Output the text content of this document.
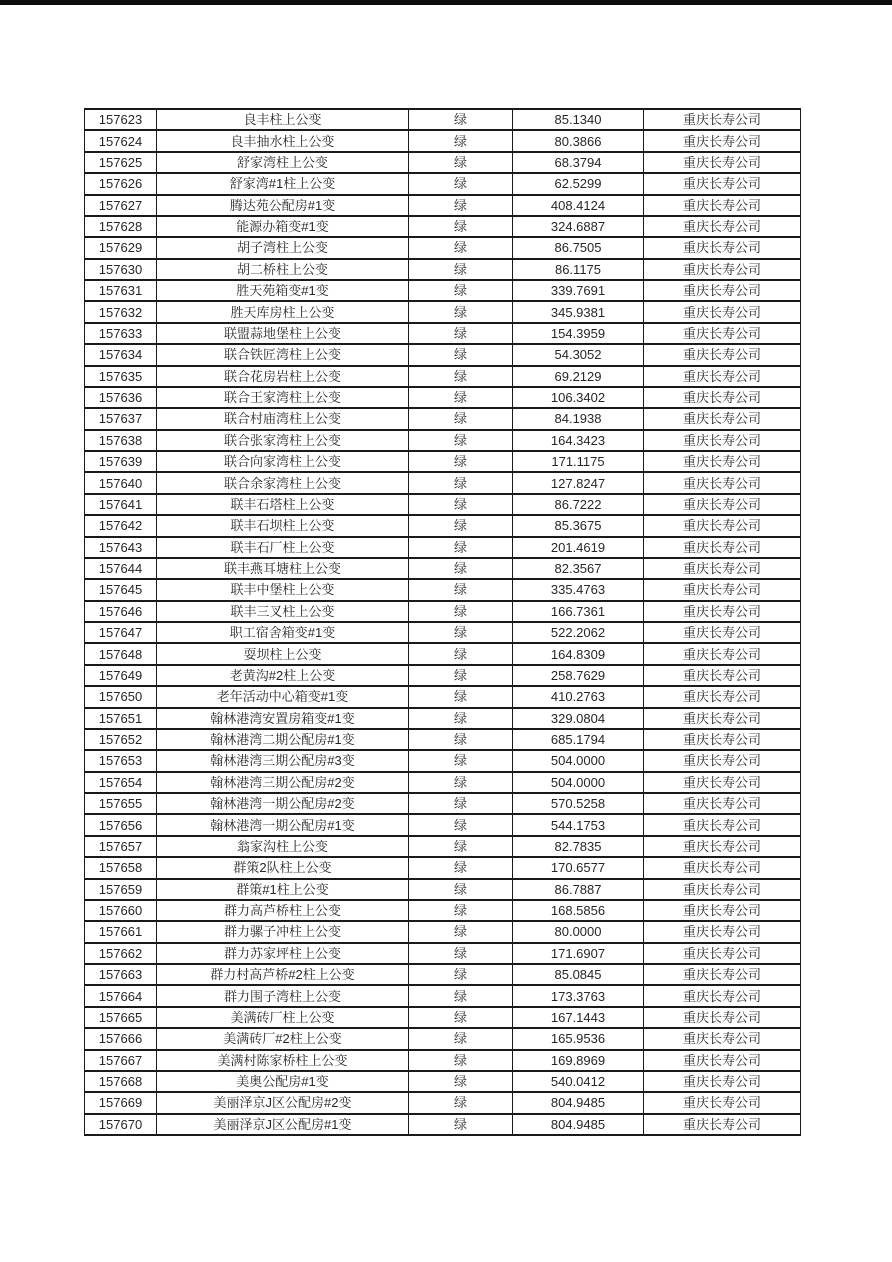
157623	良丰柱上公变	绿	85.1340	重庆长寿公司
157624	良丰抽水柱上公变	绿	80.3866	重庆长寿公司
157625	舒家湾柱上公变	绿	68.3794	重庆长寿公司
157626	舒家湾#1柱上公变	绿	62.5299	重庆长寿公司
157627	腾达苑公配房#1变	绿	408.4124	重庆长寿公司
157628	能源办箱变#1变	绿	324.6887	重庆长寿公司
157629	胡子湾柱上公变	绿	86.7505	重庆长寿公司
157630	胡二桥柱上公变	绿	86.1175	重庆长寿公司
157631	胜天苑箱变#1变	绿	339.7691	重庆长寿公司
157632	胜天库房柱上公变	绿	345.9381	重庆长寿公司
157633	联盟蒜地堡柱上公变	绿	154.3959	重庆长寿公司
157634	联合铁匠湾柱上公变	绿	54.3052	重庆长寿公司
157635	联合花房岩柱上公变	绿	69.2129	重庆长寿公司
157636	联合王家湾柱上公变	绿	106.3402	重庆长寿公司
157637	联合村庙湾柱上公变	绿	84.1938	重庆长寿公司
157638	联合张家湾柱上公变	绿	164.3423	重庆长寿公司
157639	联合向家湾柱上公变	绿	171.1175	重庆长寿公司
157640	联合余家湾柱上公变	绿	127.8247	重庆长寿公司
157641	联丰石塔柱上公变	绿	86.7222	重庆长寿公司
157642	联丰石坝柱上公变	绿	85.3675	重庆长寿公司
157643	联丰石厂柱上公变	绿	201.4619	重庆长寿公司
157644	联丰燕耳塘柱上公变	绿	82.3567	重庆长寿公司
157645	联丰中堡柱上公变	绿	335.4763	重庆长寿公司
157646	联丰三叉柱上公变	绿	166.7361	重庆长寿公司
157647	职工宿舍箱变#1变	绿	522.2062	重庆长寿公司
157648	耍坝柱上公变	绿	164.8309	重庆长寿公司
157649	老黄沟#2柱上公变	绿	258.7629	重庆长寿公司
157650	老年活动中心箱变#1变	绿	410.2763	重庆长寿公司
157651	翰林港湾安置房箱变#1变	绿	329.0804	重庆长寿公司
157652	翰林港湾二期公配房#1变	绿	685.1794	重庆长寿公司
157653	翰林港湾三期公配房#3变	绿	504.0000	重庆长寿公司
157654	翰林港湾三期公配房#2变	绿	504.0000	重庆长寿公司
157655	翰林港湾一期公配房#2变	绿	570.5258	重庆长寿公司
157656	翰林港湾一期公配房#1变	绿	544.1753	重庆长寿公司
157657	翁家沟柱上公变	绿	82.7835	重庆长寿公司
157658	群策2队柱上公变	绿	170.6577	重庆长寿公司
157659	群策#1柱上公变	绿	86.7887	重庆长寿公司
157660	群力高芦桥柱上公变	绿	168.5856	重庆长寿公司
157661	群力骡子冲柱上公变	绿	80.0000	重庆长寿公司
157662	群力苏家坪柱上公变	绿	171.6907	重庆长寿公司
157663	群力村高芦桥#2柱上公变	绿	85.0845	重庆长寿公司
157664	群力围子湾柱上公变	绿	173.3763	重庆长寿公司
157665	美满砖厂柱上公变	绿	167.1443	重庆长寿公司
157666	美满砖厂#2柱上公变	绿	165.9536	重庆长寿公司
157667	美满村陈家桥柱上公变	绿	169.8969	重庆长寿公司
157668	美奥公配房#1变	绿	540.0412	重庆长寿公司
157669	美丽泽京J区公配房#2变	绿	804.9485	重庆长寿公司
157670	美丽泽京J区公配房#1变	绿	804.9485	重庆长寿公司
